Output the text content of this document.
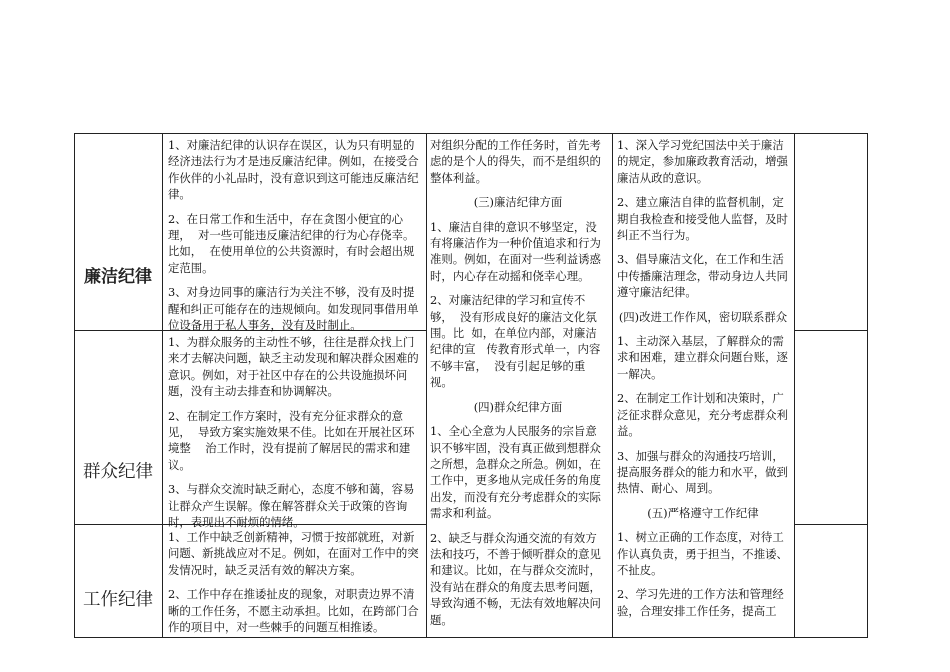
廉洁纪律
群众纪律
工作纪律

1、对廉洁纪律的认识存在误区，认为只有明显的经济违法行为才是违反廉洁纪律。例如，在接受合作伙伴的小礼品时，没有意识到这可能违反廉洁纪律。

2、在日常工作和生活中，存在贪图小便宜的心理，  对一些可能违反廉洁纪律的行为心存侥幸。比如，  在使用单位的公共资源时，有时会超出规定范围。

3、对身边同事的廉洁行为关注不够，没有及时提醒和纠正可能存在的违规倾向。如发现同事借用单位设备用于私人事务，没有及时制止。

1、为群众服务的主动性不够，往往是群众找上门来才去解决问题，缺乏主动发现和解决群众困难的意识。例如，对于社区中存在的公共设施损坏问题，没有主动去排查和协调解决。

2、在制定工作方案时，没有充分征求群众的意见，  导致方案实施效果不佳。比如在开展社区环境整    治工作时，没有提前了解居民的需求和建议。

3、与群众交流时缺乏耐心，态度不够和蔼，容易让群众产生误解。像在解答群众关于政策的咨询时，表现出不耐烦的情绪。

1、工作中缺乏创新精神，习惯于按部就班，对新问题、新挑战应对不足。例如，在面对工作中的突发情况时，缺乏灵活有效的解决方案。

2、工作中存在推诿扯皮的现象，对职责边界不清晰的工作任务，不愿主动承担。比如，在跨部门合作的项目中，对一些棘手的问题互相推诿。

对组织分配的工作任务时，首先考虑的是个人的得失，而不是组织的整体利益。

(三)廉洁纪律方面

1、廉洁自律的意识不够坚定，没有将廉洁作为一种价值追求和行为准则。例如，在面对一些利益诱惑时，内心存在动摇和侥幸心理。

2、对廉洁纪律的学习和宣传不够，  没有形成良好的廉洁文化氛围。比  如，在单位内部，对廉洁纪律的宣   传教育形式单一，内容不够丰富，  没有引起足够的重视。

(四)群众纪律方面

1、全心全意为人民服务的宗旨意识不够牢固，没有真正做到想群众之所想，急群众之所急。例如，在工作中，更多地从完成任务的角度出发，而没有充分考虑群众的实际需求和利益。

2、缺乏与群众沟通交流的有效方法和技巧，不善于倾听群众的意见和建议。比如，在与群众交流时，没有站在群众的角度去思考问题，导致沟通不畅，无法有效地解决问题。

1、深入学习党纪国法中关于廉洁的规定，参加廉政教育活动，增强廉洁从政的意识。

2、建立廉洁自律的监督机制，定期自我检查和接受他人监督，及时纠正不当行为。

3、倡导廉洁文化，在工作和生活中传播廉洁理念，带动身边人共同遵守廉洁纪律。

(四)改进工作作风，密切联系群众

1、主动深入基层，了解群众的需求和困难，建立群众问题台账，逐一解决。

2、在制定工作计划和决策时，广泛征求群众意见，充分考虑群众利益。

3、加强与群众的沟通技巧培训，提高服务群众的能力和水平，做到热情、耐心、周到。

(五)严格遵守工作纪律

1、树立正确的工作态度，对待工作认真负责，勇于担当，不推诿、不扯皮。

2、学习先进的工作方法和管理经验，合理安排工作任务，提高工
